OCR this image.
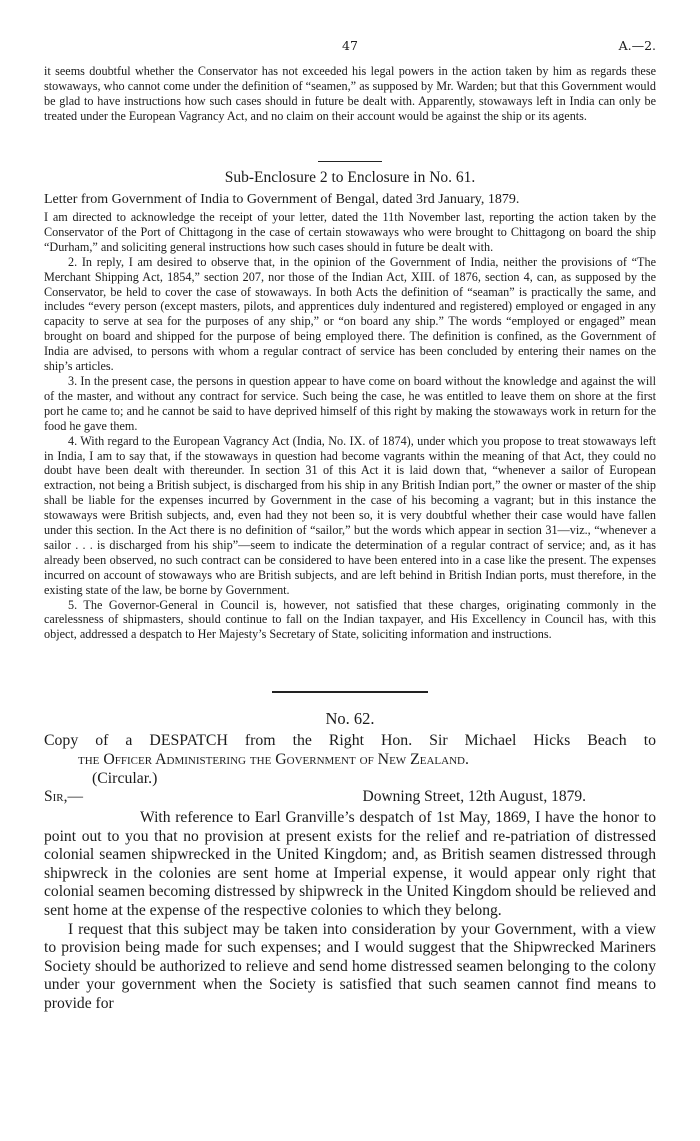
47	A.—2.

it seems doubtful whether the Conservator has not exceeded his legal powers in the action taken by him as regards these stowaways, who cannot come under the definition of “seamen,” as supposed by Mr. Warden; but that this Government would be glad to have instructions how such cases should in future be dealt with. Apparently, stowaways left in India can only be treated under the European Vagrancy Act, and no claim on their account would be against the ship or its agents.

Sub-Enclosure 2 to Enclosure in No. 61.
Letter from Government of India to Government of Bengal, dated 3rd January, 1879.

I am directed to acknowledge the receipt of your letter, dated the 11th November last, reporting the action taken by the Conservator of the Port of Chittagong in the case of certain stowaways who were brought to Chittagong on board the ship “Durham,” and soliciting general instructions how such cases should in future be dealt with.

2. In reply, I am desired to observe that, in the opinion of the Government of India, neither the provisions of “The Merchant Shipping Act, 1854,” section 207, nor those of the Indian Act, XIII. of 1876, section 4, can, as supposed by the Conservator, be held to cover the case of stowaways. In both Acts the definition of “seaman” is practically the same, and includes “every person (except masters, pilots, and apprentices duly indentured and registered) employed or engaged in any capacity to serve at sea for the purposes of any ship,” or “on board any ship.” The words “employed or engaged” mean brought on board and shipped for the purpose of being employed there. The definition is confined, as the Government of India are advised, to persons with whom a regular contract of service has been concluded by entering their names on the ship’s articles.

3. In the present case, the persons in question appear to have come on board without the knowledge and against the will of the master, and without any contract for service. Such being the case, he was entitled to leave them on shore at the first port he came to; and he cannot be said to have deprived himself of this right by making the stowaways work in return for the food he gave them.

4. With regard to the European Vagrancy Act (India, No. IX. of 1874), under which you propose to treat stowaways left in India, I am to say that, if the stowaways in question had become vagrants within the meaning of that Act, they could no doubt have been dealt with thereunder. In section 31 of this Act it is laid down that, “whenever a sailor of European extraction, not being a British subject, is discharged from his ship in any British Indian port,” the owner or master of the ship shall be liable for the expenses incurred by Government in the case of his becoming a vagrant; but in this instance the stowaways were British subjects, and, even had they not been so, it is very doubtful whether their case would have fallen under this section. In the Act there is no definition of “sailor,” but the words which appear in section 31—viz., “whenever a sailor . . . is discharged from his ship”—seem to indicate the determination of a regular contract of service; and, as it has already been observed, no such contract can be considered to have been entered into in a case like the present. The expenses incurred on account of stowaways who are British subjects, and are left behind in British Indian ports, must therefore, in the existing state of the law, be borne by Government.

5. The Governor-General in Council is, however, not satisfied that these charges, originating commonly in the carelessness of shipmasters, should continue to fall on the Indian taxpayer, and His Excellency in Council has, with this object, addressed a despatch to Her Majesty’s Secretary of State, soliciting information and instructions.

No. 62.
Copy of a DESPATCH from the Right Hon. Sir Michael Hicks Beach to
the Officer Administering the Government of New Zealand.
(Circular.)
Sir,—	Downing Street, 12th August, 1879.

With reference to Earl Granville’s despatch of 1st May, 1869, I have the honor to point out to you that no provision at present exists for the relief and re-patriation of distressed colonial seamen shipwrecked in the United Kingdom; and, as British seamen distressed through shipwreck in the colonies are sent home at Imperial expense, it would appear only right that colonial seamen becoming distressed by shipwreck in the United Kingdom should be relieved and sent home at the expense of the respective colonies to which they belong.

I request that this subject may be taken into consideration by your Government, with a view to provision being made for such expenses; and I would suggest that the Shipwrecked Mariners Society should be authorized to relieve and send home distressed seamen belonging to the colony under your government when the Society is satisfied that such seamen cannot find means to provide for
